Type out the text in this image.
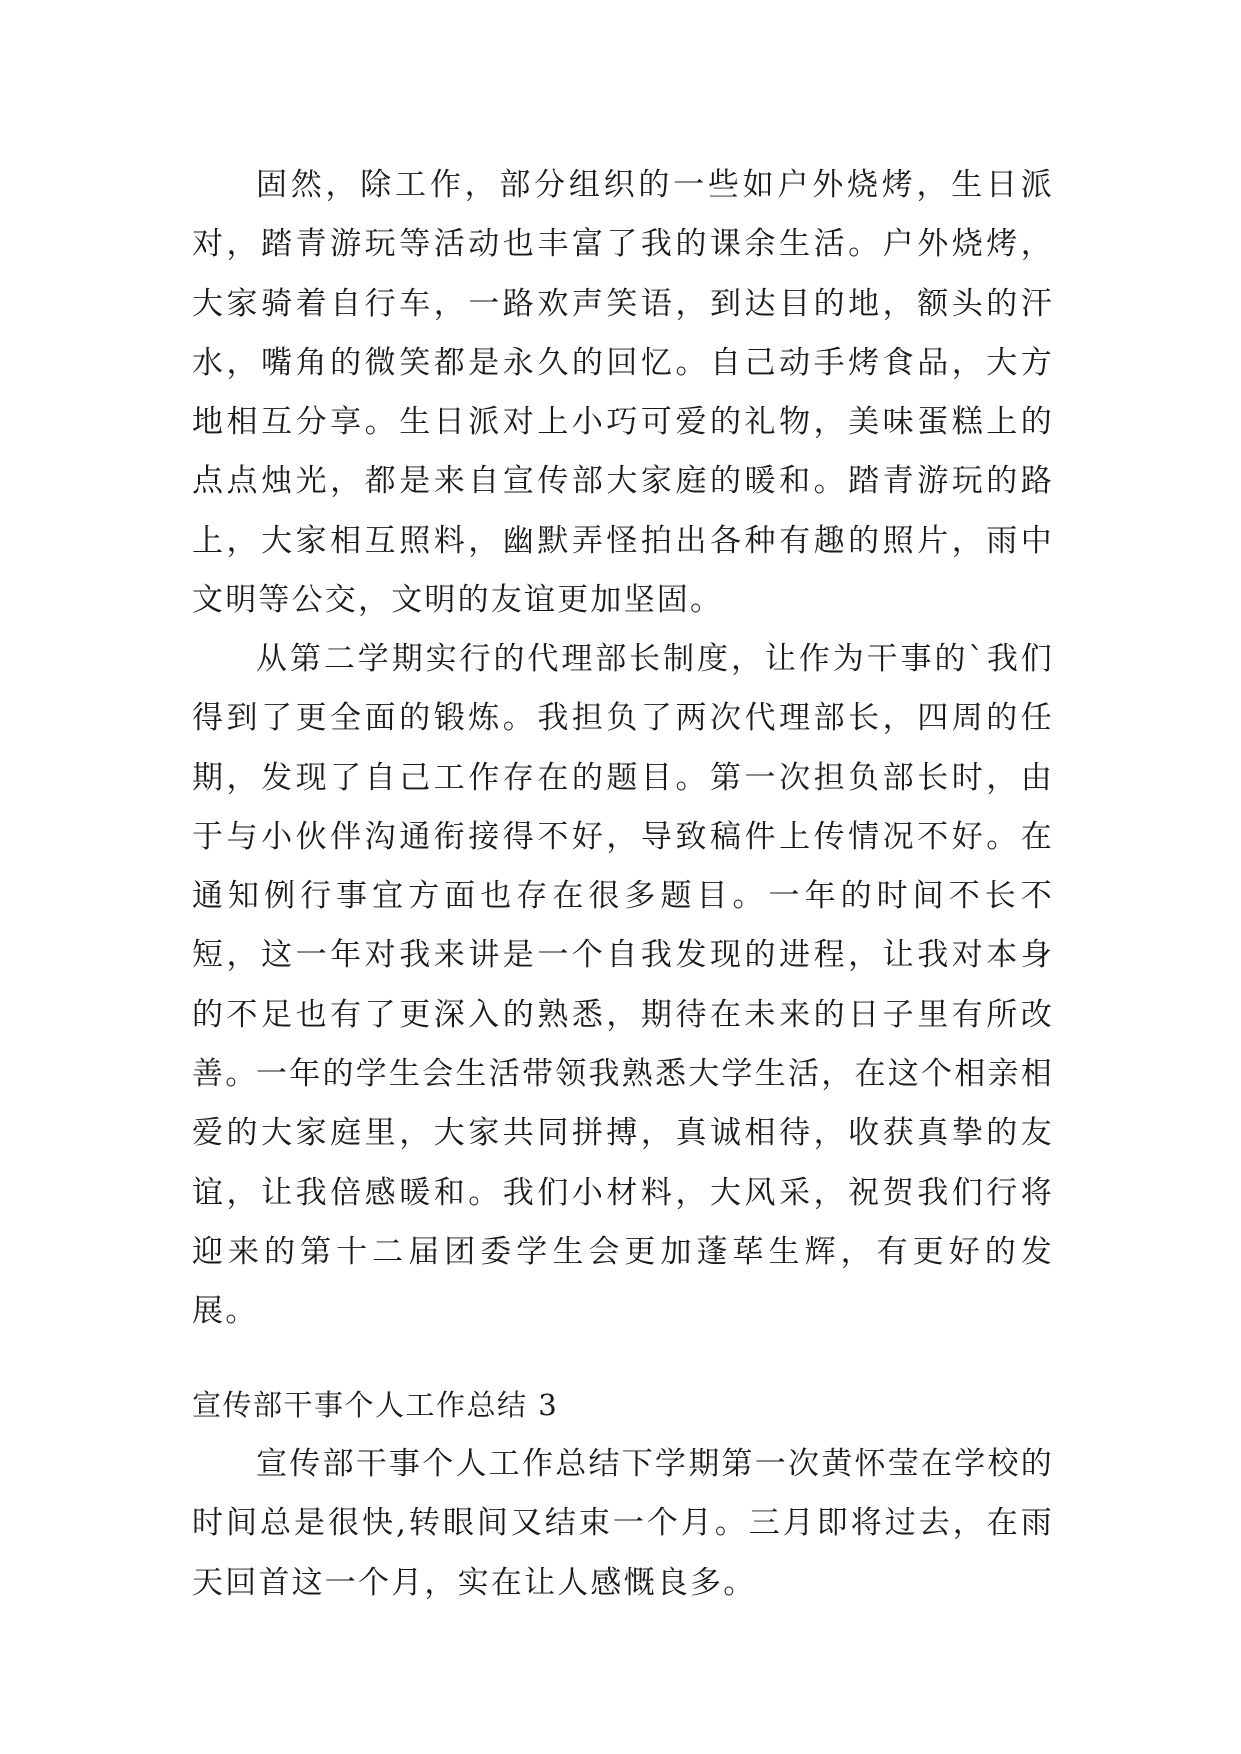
固然，除工作，部分组织的一些如户外烧烤，生日派对，踏青游玩等活动也丰富了我的课余生活。户外烧烤，大家骑着自行车，一路欢声笑语，到达目的地，额头的汗水，嘴角的微笑都是永久的回忆。自己动手烤食品，大方地相互分享。生日派对上小巧可爱的礼物，美味蛋糕上的点点烛光，都是来自宣传部大家庭的暖和。踏青游玩的路上，大家相互照料，幽默弄怪拍出各种有趣的照片，雨中文明等公交，文明的友谊更加坚固。

从第二学期实行的代理部长制度，让作为干事的`我们得到了更全面的锻炼。我担负了两次代理部长，四周的任期，发现了自己工作存在的题目。第一次担负部长时，由于与小伙伴沟通衔接得不好，导致稿件上传情况不好。在通知例行事宜方面也存在很多题目。一年的时间不长不短，这一年对我来讲是一个自我发现的进程，让我对本身的不足也有了更深入的熟悉，期待在未来的日子里有所改善。

一年的学生会生活带领我熟悉大学生活，在这个相亲相爱的大家庭里，大家共同拼搏，真诚相待，收获真挚的友谊，让我倍感暖和。我们小材料，大风采，祝贺我们行将迎来的第十二届团委学生会更加蓬荜生辉，有更好的发展。

宣传部干事个人工作总结 3

宣传部干事个人工作总结下学期第一次黄怀莹在学校的时间总是很快,转眼间又结束一个月。三月即将过去，在雨天回首这一个月，实在让人感慨良多。
